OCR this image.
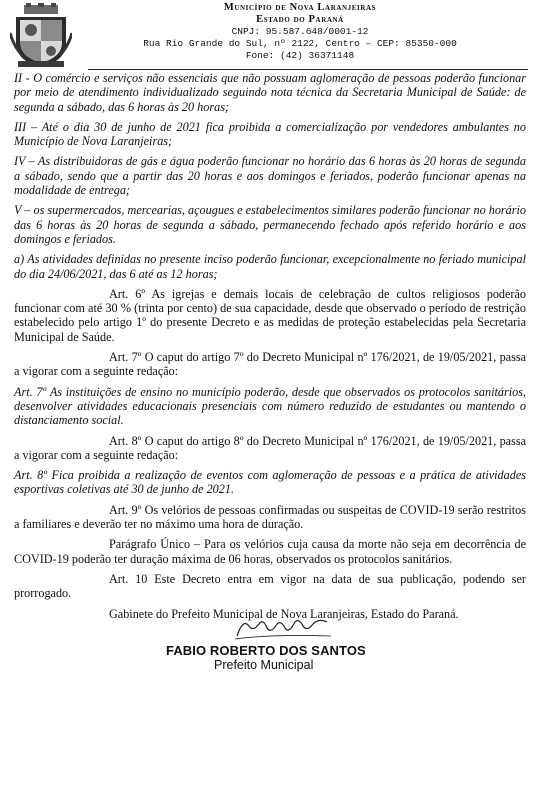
Município de Nova Laranjeiras
Estado do Paraná
CNPJ: 95.587.648/0001-12
Rua Rio Grande do Sul, nº 2122, Centro – CEP: 85350-000
Fone: (42) 36371148

II - O comércio e serviços não essenciais que não possuam aglomeração de pessoas poderão funcionar por meio de atendimento individualizado seguindo nota técnica da Secretaria Municipal de Saúde: de segunda a sábado, das 6 horas às 20 horas;

III – Até o dia 30 de junho de 2021 fica proibida a comercialização por vendedores ambulantes no Município de Nova Laranjeiras;

IV – As distribuidoras de gás e água poderão funcionar no horário das 6 horas às 20 horas de segunda a sábado, sendo que a partir das 20 horas e aos domingos e feriados, poderão funcionar apenas na modalidade de entrega;

V – os supermercados, mercearias, açougues e estabelecimentos similares poderão funcionar no horário das 6 horas às 20 horas de segunda a sábado, permanecendo fechado após referido horário e aos domingos e feriados.

a) As atividades definidas no presente inciso poderão funcionar, excepcionalmente no feriado municipal do dia 24/06/2021, das 6 até as 12 horas;

Art. 6º As igrejas e demais locais de celebração de cultos religiosos poderão funcionar com até 30 % (trinta por cento) de sua capacidade, desde que observado o período de restrição estabelecido pelo artigo 1º do presente Decreto e as medidas de proteção estabelecidas pela Secretaria Municipal de Saúde.

Art. 7º O caput do artigo 7º do Decreto Municipal nº 176/2021, de 19/05/2021, passa a vigorar com a seguinte redação:

Art. 7º As instituições de ensino no município poderão, desde que observados os protocolos sanitários, desenvolver atividades educacionais presenciais com número reduzido de estudantes ou mantendo o distanciamento social.

Art. 8º O caput do artigo 8º do Decreto Municipal nº 176/2021, de 19/05/2021, passa a vigorar com a seguinte redação:

Art. 8º Fica proibida a realização de eventos com aglomeração de pessoas e a prática de atividades esportivas coletivas até 30 de junho de 2021.

Art. 9º Os velórios de pessoas confirmadas ou suspeitas de COVID-19 serão restritos a familiares e deverão ter no máximo uma hora de duração.

Parágrafo Único – Para os velórios cuja causa da morte não seja em decorrência de COVID-19 poderão ter duração máxima de 06 horas, observados os protocolos sanitários.

Art. 10 Este Decreto entra em vigor na data de sua publicação, podendo ser prorrogado.

Gabinete do Prefeito Municipal de Nova Laranjeiras, Estado do Paraná.

FABIO ROBERTO DOS SANTOS
Prefeito Municipal
